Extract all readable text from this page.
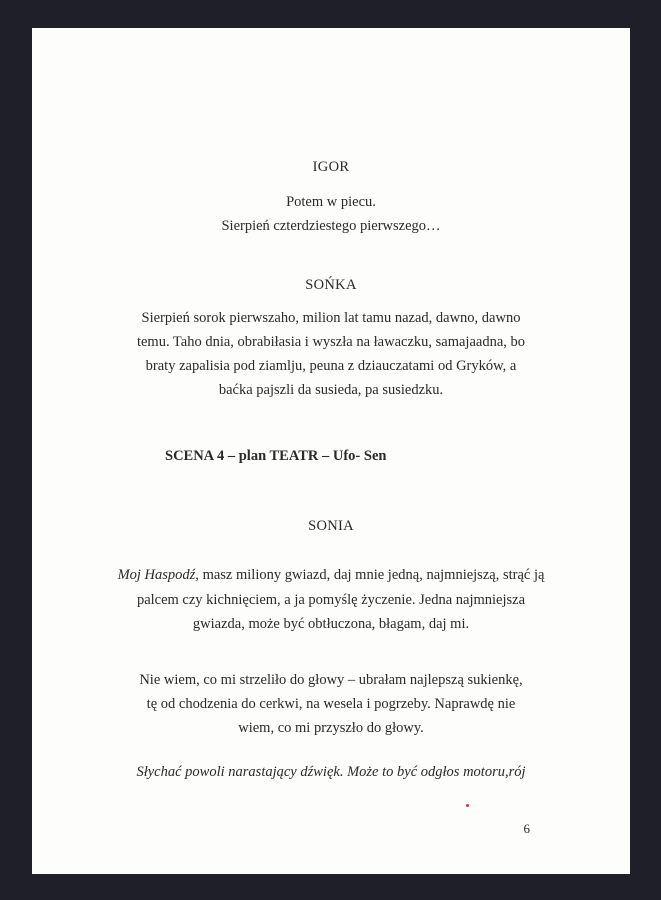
IGOR
Potem w piecu.
Sierpień czterdziestego pierwszego…
SOŃKA
Sierpień sorok pierwszaho, milion lat tamu nazad, dawno, dawno
temu. Taho dnia, obrabiłasia i wyszła na ławaczku, samajaadna, bo
braty zapalisia pod ziamlju, peuna z dziauczatami od Gryków, a
baćka pajszli da susieda, pa susiedzku.
SCENA 4 – plan TEATR – Ufo- Sen
SONIA
Moj Haspodź, masz miliony gwiazd, daj mnie jedną, najmniejszą, strąć ją
palcem czy kichnięciem, a ja pomyślę życzenie. Jedna najmniejsza
gwiazda, może być obtłuczona, błagam, daj mi.
Nie wiem, co mi strzeliło do głowy – ubrałam najlepszą sukienkę,
tę od chodzenia do cerkwi, na wesela i pogrzeby. Naprawdę nie
wiem, co mi przyszło do głowy.
Słychać powoli narastający dźwięk. Może to być odgłos motoru,rój
6
